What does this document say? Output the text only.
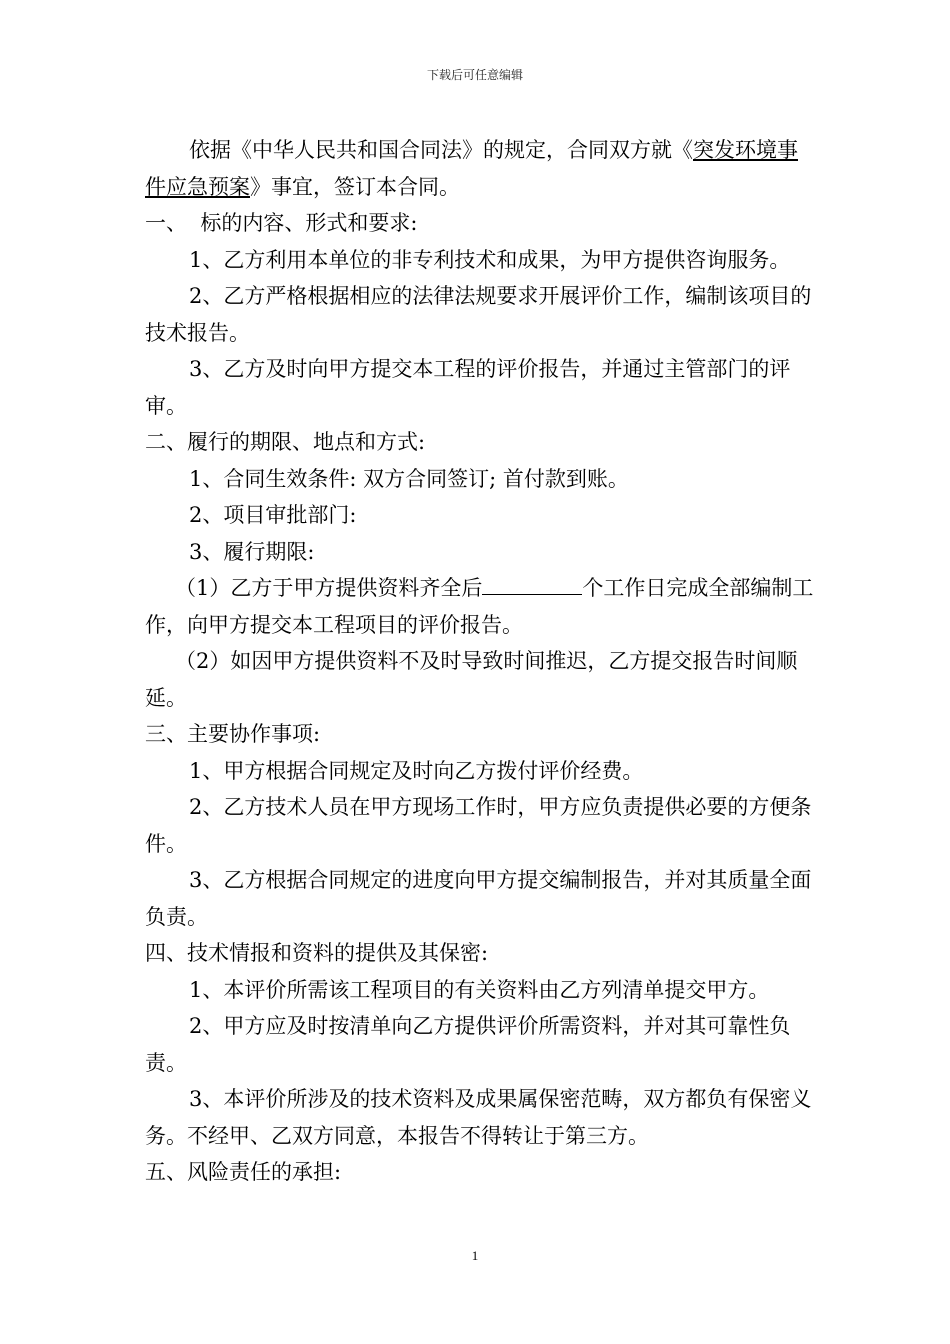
下载后可任意编辑

依据《中华人民共和国合同法》的规定，合同双方就《突发环境事件应急预案》事宜，签订本合同。

一、  标的内容、形式和要求:

1、乙方利用本单位的非专利技术和成果，为甲方提供咨询服务。

2、乙方严格根据相应的法律法规要求开展评价工作，编制该项目的技术报告。

3、乙方及时向甲方提交本工程的评价报告，并通过主管部门的评审。

二、履行的期限、地点和方式:

1、合同生效条件: 双方合同签订; 首付款到账。

2、项目审批部门:

3、履行期限:

（1）乙方于甲方提供资料齐全后	个工作日完成全部编制工作，向甲方提交本工程项目的评价报告。

（2）如因甲方提供资料不及时导致时间推迟，乙方提交报告时间顺延。

三、主要协作事项:

1、甲方根据合同规定及时向乙方拨付评价经费。

2、乙方技术人员在甲方现场工作时，甲方应负责提供必要的方便条件。

3、乙方根据合同规定的进度向甲方提交编制报告，并对其质量全面负责。

四、技术情报和资料的提供及其保密:

1、本评价所需该工程项目的有关资料由乙方列清单提交甲方。

2、甲方应及时按清单向乙方提供评价所需资料，并对其可靠性负责。

3、本评价所涉及的技术资料及成果属保密范畴，双方都负有保密义务。不经甲、乙双方同意，本报告不得转让于第三方。

五、风险责任的承担:

1
